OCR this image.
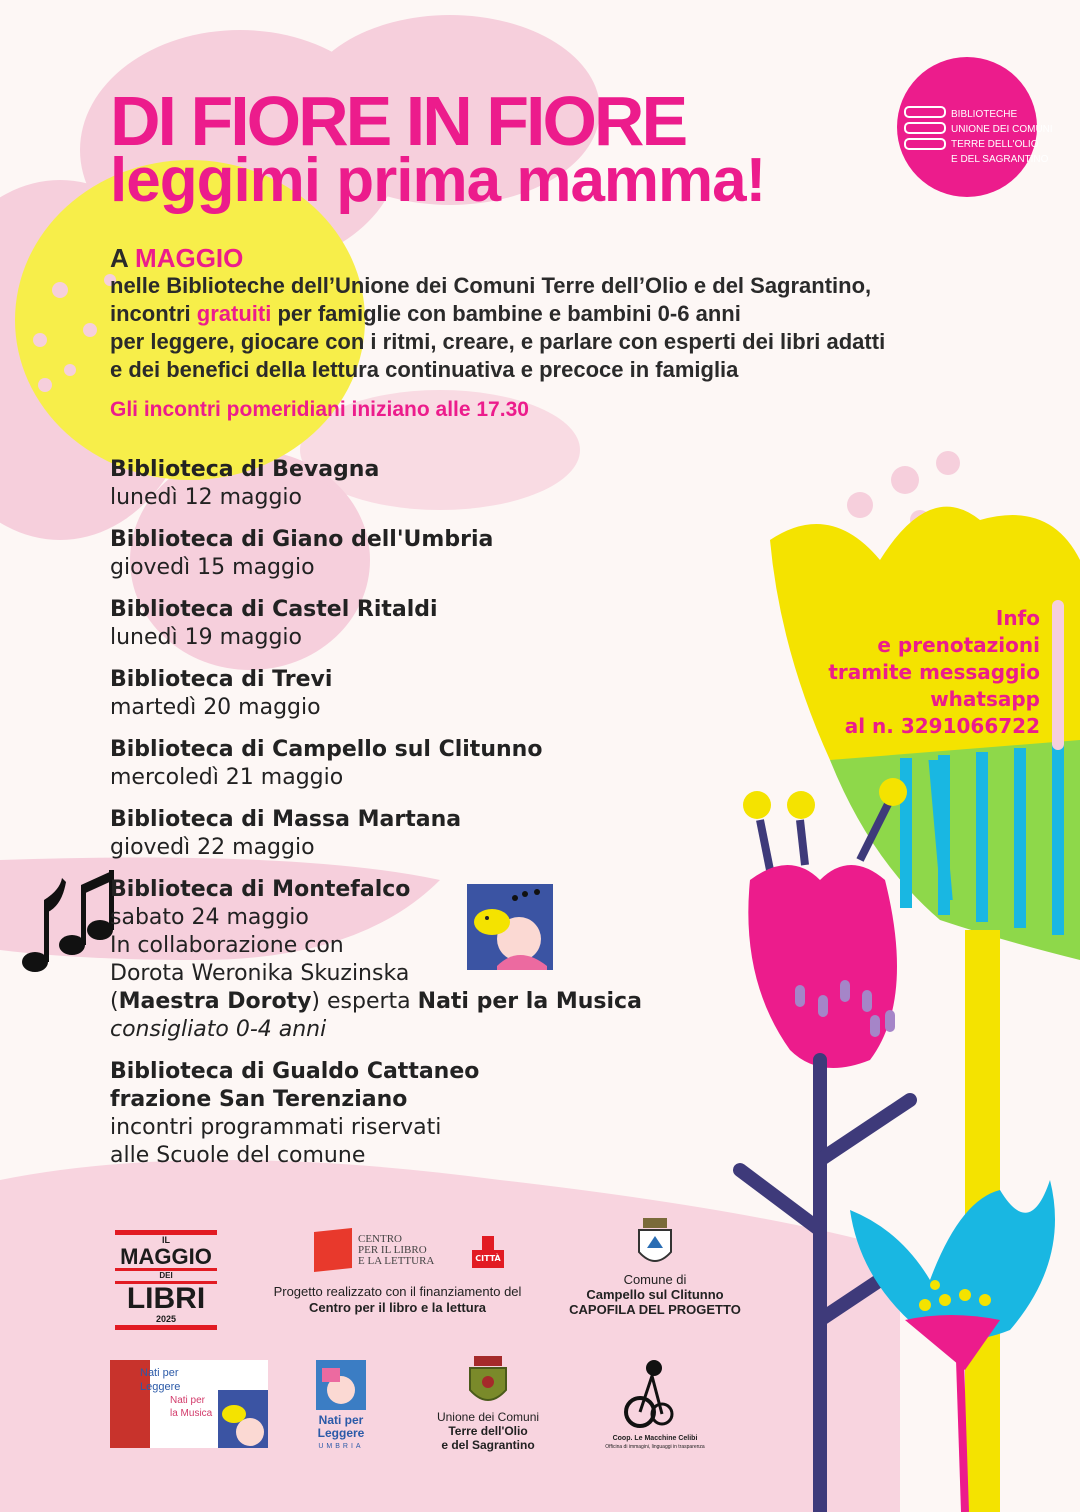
DI FIORE IN FIORE
leggimi prima mamma!
BIBLIOTECHE
UNIONE DEI COMUNI
TERRE DELL'OLIO
E DEL SAGRANTINO
A MAGGIO
nelle Biblioteche dell’Unione dei Comuni Terre dell’Olio e del Sagrantino,
incontri gratuiti per famiglie con bambine e bambini 0-6 anni
per leggere, giocare con i ritmi, creare, e parlare con esperti dei libri adatti
e dei benefici della lettura continuativa e precoce in famiglia
Gli incontri pomeridiani iniziano alle 17.30
Biblioteca di Bevagna
lunedì 12 maggio
Biblioteca di Giano dell'Umbria
giovedì 15 maggio
Biblioteca di Castel Ritaldi
lunedì 19 maggio
Biblioteca di Trevi
martedì 20 maggio
Biblioteca di Campello sul Clitunno
mercoledì 21 maggio
Biblioteca di Massa Martana
giovedì 22 maggio
Biblioteca di Montefalco
sabato 24 maggio
In collaborazione con
Dorota Weronika Skuzinska
(Maestra Doroty) esperta Nati per la Musica
consigliato 0-4 anni
Biblioteca di Gualdo Cattaneo
frazione San Terenziano
incontri programmati riservati
alle Scuole del comune
Info
e prenotazioni
tramite messaggio
whatsapp
al n. 3291066722
IL
MAGGIO
DEI
LIBRI
2025
CENTRO
PER IL LIBRO
E LA LETTURA	CITTÀ
Progetto realizzato con il finanziamento del
Centro per il libro e la lettura
Comune di
Campello sul Clitunno
CAPOFILA DEL PROGETTO
Nati per
Leggere
Nati per
la Musica	Nati per
Leggere
UMBRIA
Unione dei Comuni
Terre dell'Olio
e del Sagrantino	Coop. Le Macchine Celibi
Officina di immagini, linguaggi in trasparenza
